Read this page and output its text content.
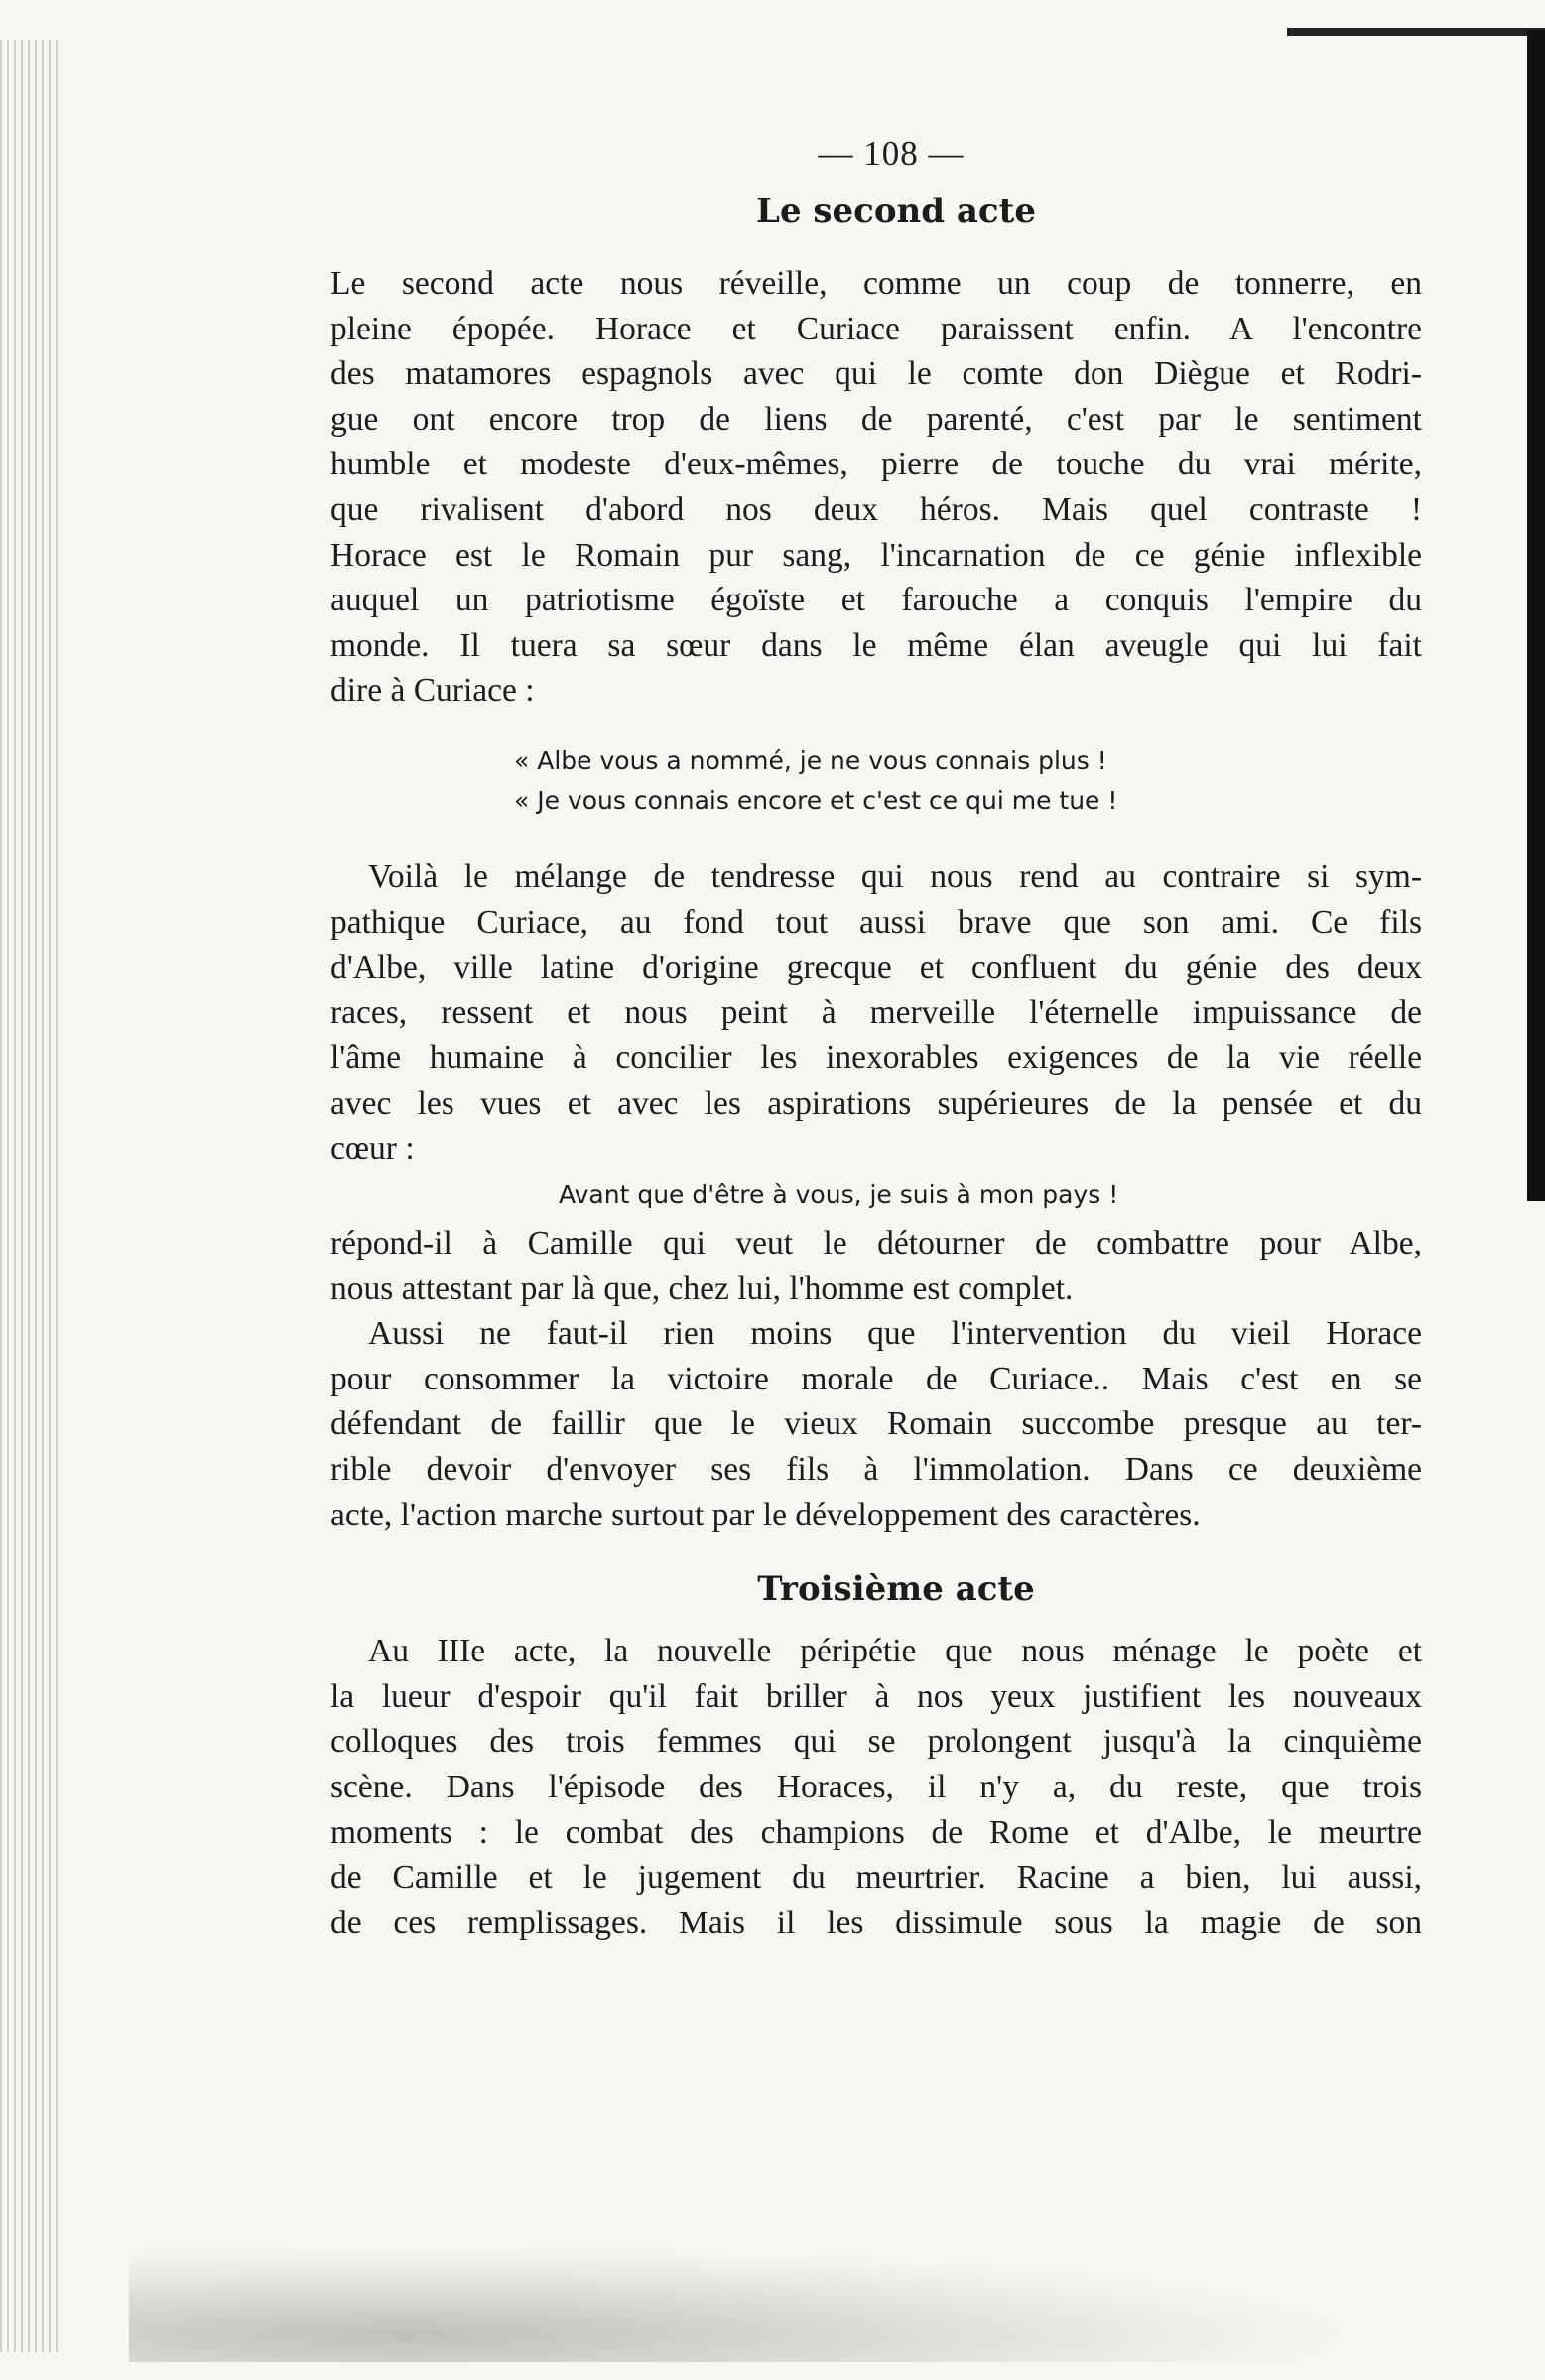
— 108 —
Le second acte
Le second acte nous réveille, comme un coup de tonnerre, en
pleine épopée. Horace et Curiace paraissent enfin. A l'encontre
des matamores espagnols avec qui le comte don Diègue et Rodri-
gue ont encore trop de liens de parenté, c'est par le sentiment
humble et modeste d'eux-mêmes, pierre de touche du vrai mérite,
que rivalisent d'abord nos deux héros. Mais quel contraste !
Horace est le Romain pur sang, l'incarnation de ce génie inflexible
auquel un patriotisme égoïste et farouche a conquis l'empire du
monde. Il tuera sa sœur dans le même élan aveugle qui lui fait
dire à Curiace :
« Albe vous a nommé, je ne vous connais plus !
« Je vous connais encore et c'est ce qui me tue !
Voilà le mélange de tendresse qui nous rend au contraire si sym-
pathique Curiace, au fond tout aussi brave que son ami. Ce fils
d'Albe, ville latine d'origine grecque et confluent du génie des deux
races, ressent et nous peint à merveille l'éternelle impuissance de
l'âme humaine à concilier les inexorables exigences de la vie réelle
avec les vues et avec les aspirations supérieures de la pensée et du
cœur :
Avant que d'être à vous, je suis à mon pays !
répond-il à Camille qui veut le détourner de combattre pour Albe,
nous attestant par là que, chez lui, l'homme est complet.
Aussi ne faut-il rien moins que l'intervention du vieil Horace
pour consommer la victoire morale de Curiace.. Mais c'est en se
défendant de faillir que le vieux Romain succombe presque au ter-
rible devoir d'envoyer ses fils à l'immolation. Dans ce deuxième
acte, l'action marche surtout par le développement des caractères.
Troisième acte
Au IIIe acte, la nouvelle péripétie que nous ménage le poète et
la lueur d'espoir qu'il fait briller à nos yeux justifient les nouveaux
colloques des trois femmes qui se prolongent jusqu'à la cinquième
scène. Dans l'épisode des Horaces, il n'y a, du reste, que trois
moments : le combat des champions de Rome et d'Albe, le meurtre
de Camille et le jugement du meurtrier. Racine a bien, lui aussi,
de ces remplissages. Mais il les dissimule sous la magie de son
